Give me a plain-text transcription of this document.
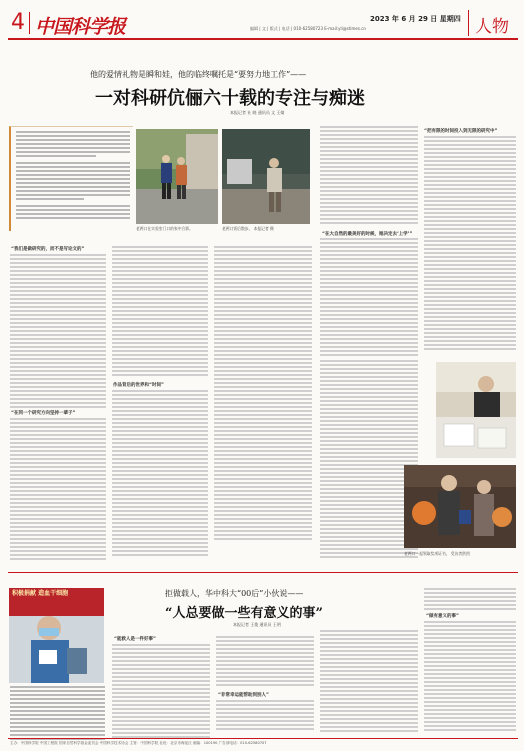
4 中国科学报	2023 年 6 月 29 日 星期四
编辑 | 文 | 版式 | 电话 | 010-62580723 E-mail:yli@stimes.cn	人物
他的爱情礼物是瞬和娃，他的临终嘱托是“要努力地工作”——
一对科研伉俪六十载的专注与痴迷
本报记者 社 晓 通讯员 文 王婧
老两口在实验室门口的家中合影。	老两口饭后散步。 本报记者 摄
“在大自然的最美好的时候，她决定去‘上学’”
“把有限的时间投入到无限的研究中”
“我们是做研究的，而不是写论文的”
“在同一个研究方向坚持一辈子”
作品背后的世界和“时间”
老两口一起领取奖项证书。 受访者供图
积极捐献 造血干细胞	拒做载人，华中科大“00后”小伙说——
“人总要做一些有意义的事”
本报记者 王俊 通讯员 王明
“能救人是一件好事”
“非常幸运能帮助到别人”
“做有意义的事”
主办：中国科学院 中国工程院 国家自然科学基金委员会 中国科学技术协会 主管：中国科学院 社址：北京市海淀区 邮编：100190 广告部电话：010-62580707
